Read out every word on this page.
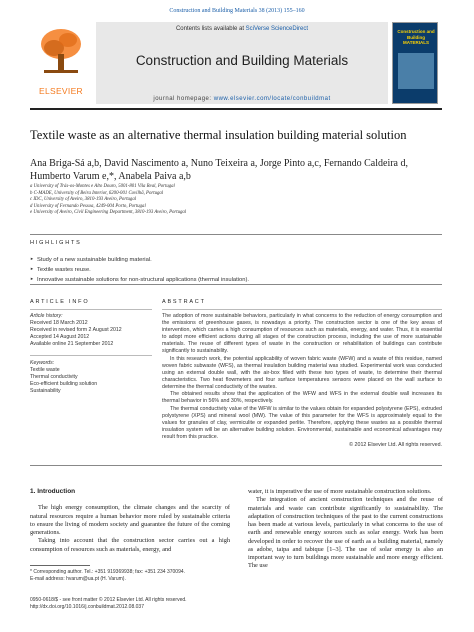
Construction and Building Materials 38 (2013) 155–160
ELSEVIER
Contents lists available at SciVerse ScienceDirect
Construction and Building Materials
journal homepage: www.elsevier.com/locate/conbuildmat
Construction and Building MATERIALS
Textile waste as an alternative thermal insulation building material solution
Ana Briga-Sá a,b, David Nascimento a, Nuno Teixeira a, Jorge Pinto a,c, Fernando Caldeira d,
Humberto Varum e,*, Anabela Paiva a,b
a University of Trás-os-Montes e Alto Douro, 5001-801 Vila Real, Portugal
b C-MADE, University of Beira Interior, 6200-001 Covilhã, Portugal
c IDC, University of Aveiro, 3810-193 Aveiro, Portugal
d University of Fernando Pessoa, 4249-004 Porto, Portugal
e University of Aveiro, Civil Engineering Department, 3810-193 Aveiro, Portugal
HIGHLIGHTS
► Study of a new sustainable building material.
► Textile wastes reuse.
► Innovative sustainable solutions for non-structural applications (thermal insulation).
ARTICLE INFO	ABSTRACT
Article history:
Received 18 March 2012
Received in revised form 2 August 2012
Accepted 14 August 2012
Available online 21 September 2012
Keywords:
Textile waste
Thermal conductivity
Eco-efficient building solution
Sustainability

The adoption of more sustainable behaviors, particularly in what concerns to the reduction of energy consumption and the emissions of greenhouse gases, is nowadays a priority. The construction sector is one of the key areas of intervention, which carries a high consumption of resources such as materials, energy, and water. Thus, it is essential to adopt more efficient actions during all stages of the construction process, including the use of more sustainable materials. The reuse of different types of waste in the construction or rehabilitation of buildings can contribute significantly to sustainability.

In this research work, the potential applicability of woven fabric waste (WFW) and a waste of this residue, named woven fabric subwaste (WFS), as thermal insulation building material was studied. Experimental work was conducted using an external double wall, with the air-box filled with these two types of waste, to determine their thermal characteristics. Two heat flowmeters and four surface temperatures sensors were placed on the wall surface to determine the thermal conductivity of the wastes.

The obtained results show that the application of the WFW and WFS in the external double wall increases its thermal behavior in 56% and 30%, respectively.

The thermal conductivity value of the WFW is similar to the values obtain for expanded polystyrene (EPS), extruded polystyrene (XPS) and mineral wool (MW). The value of this parameter for the WFS is approximately equal to the values for granules of clay, vermiculite or expanded perlite. Therefore, applying these wastes as a possible thermal insulation system will be an alternative building solution. Environmental, sustainable and economical advantages may result from this practice.

© 2012 Elsevier Ltd. All rights reserved.
1. Introduction

The high energy consumption, the climate changes and the scarcity of natural resources require a human behavior more ruled by sustainable criteria to ensure the living of modern society and guarantee the future of the coming generations.

Taking into account that the construction sector carries out a high consumption of resources such as materials, energy, and

water, it is imperative the use of more sustainable construction solutions.

The integration of ancient construction techniques and the reuse of materials and waste can contribute significantly to sustainability. The adaptation of construction techniques of the past to the current constructions has been made at various levels, particularly in what concerns to the use of earth and renewable energy sources such as solar energy. Work has been developed in order to recover the use of earth as a building material, namely as adobe, taipa and tabique [1–3]. The use of solar energy is also an important way to turn buildings more sustainable and more energy efficient. The use

* Corresponding author. Tel.: +351 919369938; fax: +351 234 370094.
E-mail address: hvarum@ua.pt (H. Varum).
0950-0618/$ - see front matter © 2012 Elsevier Ltd. All rights reserved.
http://dx.doi.org/10.1016/j.conbuildmat.2012.08.037
